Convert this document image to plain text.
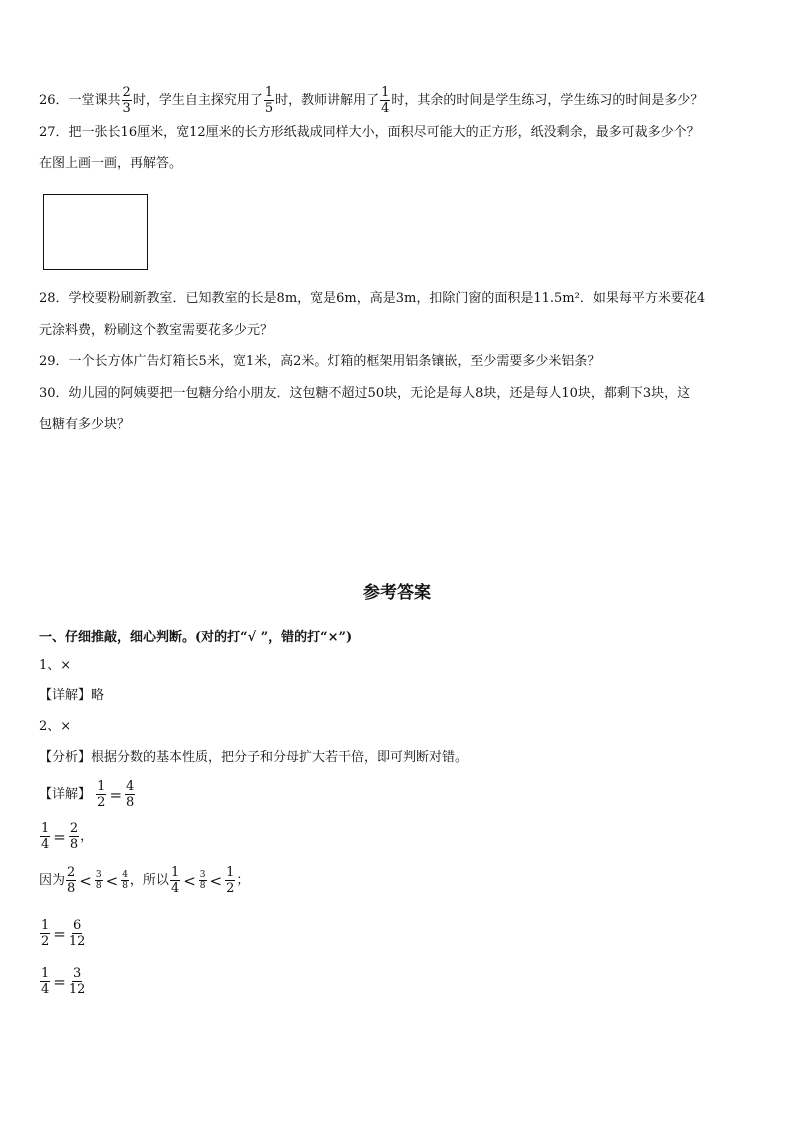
26．一堂课共 $\frac{2}{3}$ 时，学生自主探究用了 $\frac{1}{5}$ 时，教师讲解用了 $\frac{1}{4}$ 时，其余的时间是学生练习，学生练习的时间是多少？
27．把一张长16厘米，宽12厘米的长方形纸裁成同样大小，面积尽可能大的正方形，纸没剩余，最多可裁多少个？
在图上画一画，再解答。
28．学校要粉刷新教室．已知教室的长是8m，宽是6m，高是3m，扣除门窗的面积是11.5m²．如果每平方米要花4
元涂料费，粉刷这个教室需要花多少元？
29．一个长方体广告灯箱长5米，宽1米，高2米。灯箱的框架用铝条镶嵌，至少需要多少米铝条？
30．幼儿园的阿姨要把一包糖分给小朋友．这包糖不超过50块，无论是每人8块，还是每人10块，都剩下3块，这
包糖有多少块？
参考答案
一、仔细推敲，细心判断。(对的打“√ ”，错的打“×”)
1、×
【详解】略
2、×
【分析】根据分数的基本性质，把分子和分母扩大若干倍，即可判断对错。
【详解】 $\frac{1}{2} = \frac{4}{8}$
$\frac{1}{4} = \frac{2}{8}$ ，
因为 $\frac{2}{8} < \frac{3}{8} < \frac{4}{8}$ ，所以 $\frac{1}{4} < \frac{3}{8} < \frac{1}{2}$ ；
$\frac{1}{2} = \frac{6}{12}$
$\frac{1}{4} = \frac{3}{12}$
